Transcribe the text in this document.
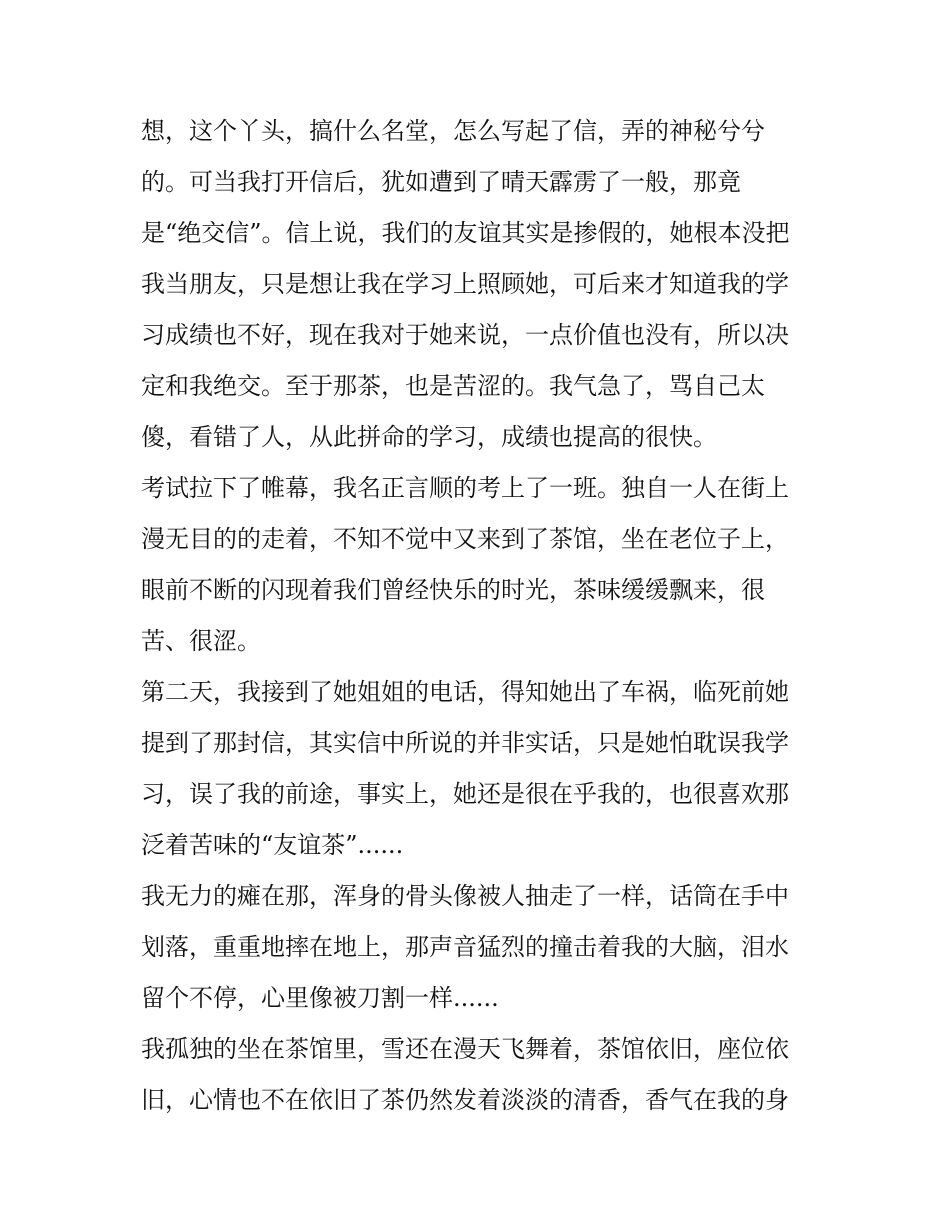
想，这个丫头，搞什么名堂，怎么写起了信，弄的神秘兮兮
的。可当我打开信后，犹如遭到了晴天霹雳了一般，那竟
是“绝交信”。信上说，我们的友谊其实是掺假的，她根本没把
我当朋友，只是想让我在学习上照顾她，可后来才知道我的学
习成绩也不好，现在我对于她来说，一点价值也没有，所以决
定和我绝交。至于那茶，也是苦涩的。我气急了，骂自己太
傻，看错了人，从此拼命的学习，成绩也提高的很快。
考试拉下了帷幕，我名正言顺的考上了一班。独自一人在街上
漫无目的的走着，不知不觉中又来到了茶馆，坐在老位子上，
眼前不断的闪现着我们曾经快乐的时光，茶味缓缓飘来，很
苦、很涩。
第二天，我接到了她姐姐的电话，得知她出了车祸，临死前她
提到了那封信，其实信中所说的并非实话，只是她怕耽误我学
习，误了我的前途，事实上，她还是很在乎我的，也很喜欢那
泛着苦味的“友谊茶”......
我无力的瘫在那，浑身的骨头像被人抽走了一样，话筒在手中
划落，重重地摔在地上，那声音猛烈的撞击着我的大脑，泪水
留个不停，心里像被刀割一样......
我孤独的坐在茶馆里，雪还在漫天飞舞着，茶馆依旧，座位依
旧，心情也不在依旧了茶仍然发着淡淡的清香，香气在我的身
